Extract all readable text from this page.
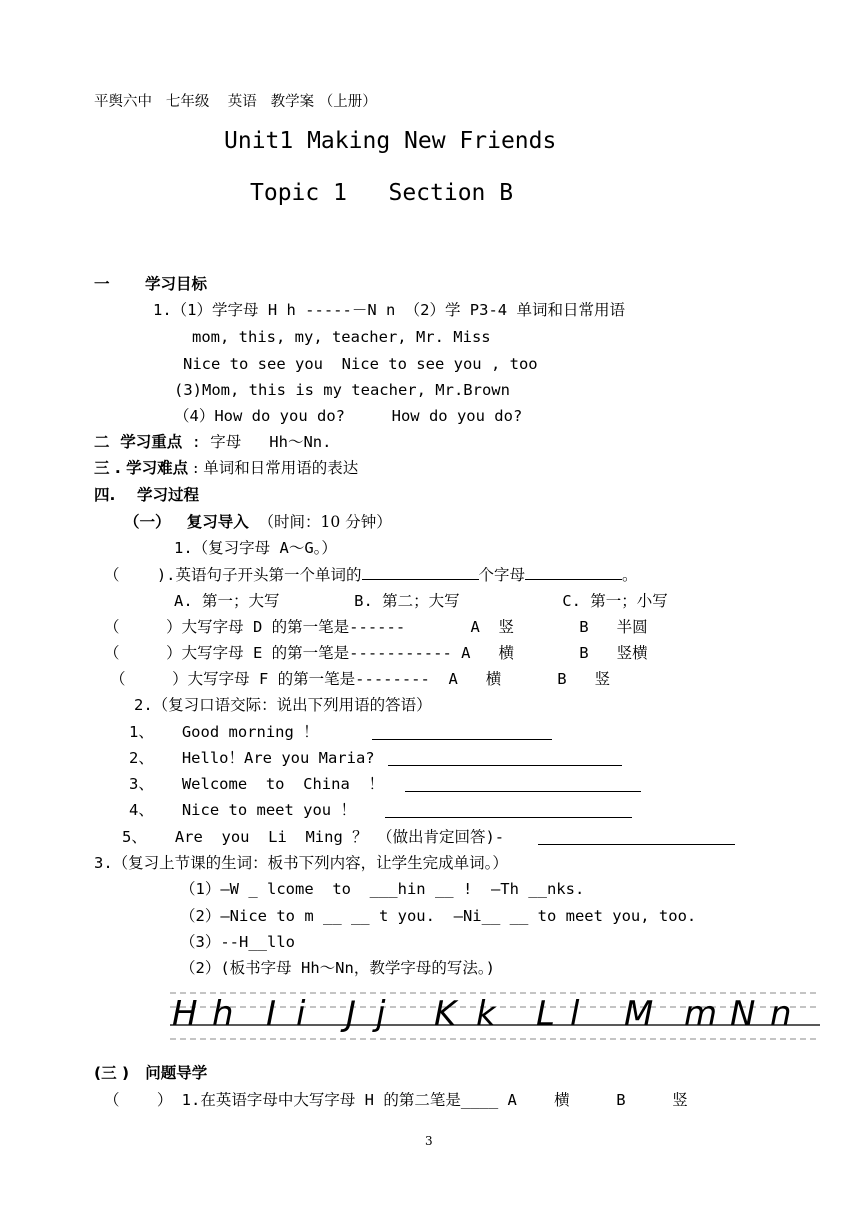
平舆六中   七年级    英语   教学案 （上册）
Unit1 Making New Friends
Topic 1   Section B
一 学习目标
1.（1）学字母 H h -----－N n （2）学 P3-4 单词和日常用语
mom, this, my, teacher, Mr. Miss
Nice to see you  Nice to see you , too
(3)Mom, this is my teacher, Mr.Brown
（4）How do you do?     How do you do?
二  学习重点 : 字母   Hh～Nn.
三 . 学习难点 : 单词和日常用语的表达
四.    学习过程
（一）   复习导入  （时间：10 分钟）
1.（复习字母 A～G。）
（    ).英语句子开头第一个单词的	个字母	。
A. 第一；大写        B. 第二；大写           C. 第一；小写
（     ）大写字母 D 的第一笔是------       A  竖       B   半圆
（     ）大写字母 E 的第一笔是----------- A   横       B   竖横
（     ）大写字母 F 的第一笔是--------  A   横      B   竖
2.（复习口语交际：说出下列用语的答语）
1、   Good morning ！
2、   Hello！Are you Maria?
3、   Welcome  to  China  ！
4、   Nice to meet you ！
5、   Are  you  Li  Ming ？ （做出肯定回答)-
3.（复习上节课的生词：板书下列内容，让学生完成单词。）
（1）—W _ lcome  to  ___hin __ !  —Th __nks.
（2）—Nice to m __ __ t you.  —Ni__ __ to meet you, too.
（3）--H__llo
（2）(板书字母 Hh～Nn，教学字母的写法。)
H h I i J j K k L l M m N n
(三 )   问题导学
（    ） 1.在英语字母中大写字母 H 的第二笔是____ A    横     B     竖
3
